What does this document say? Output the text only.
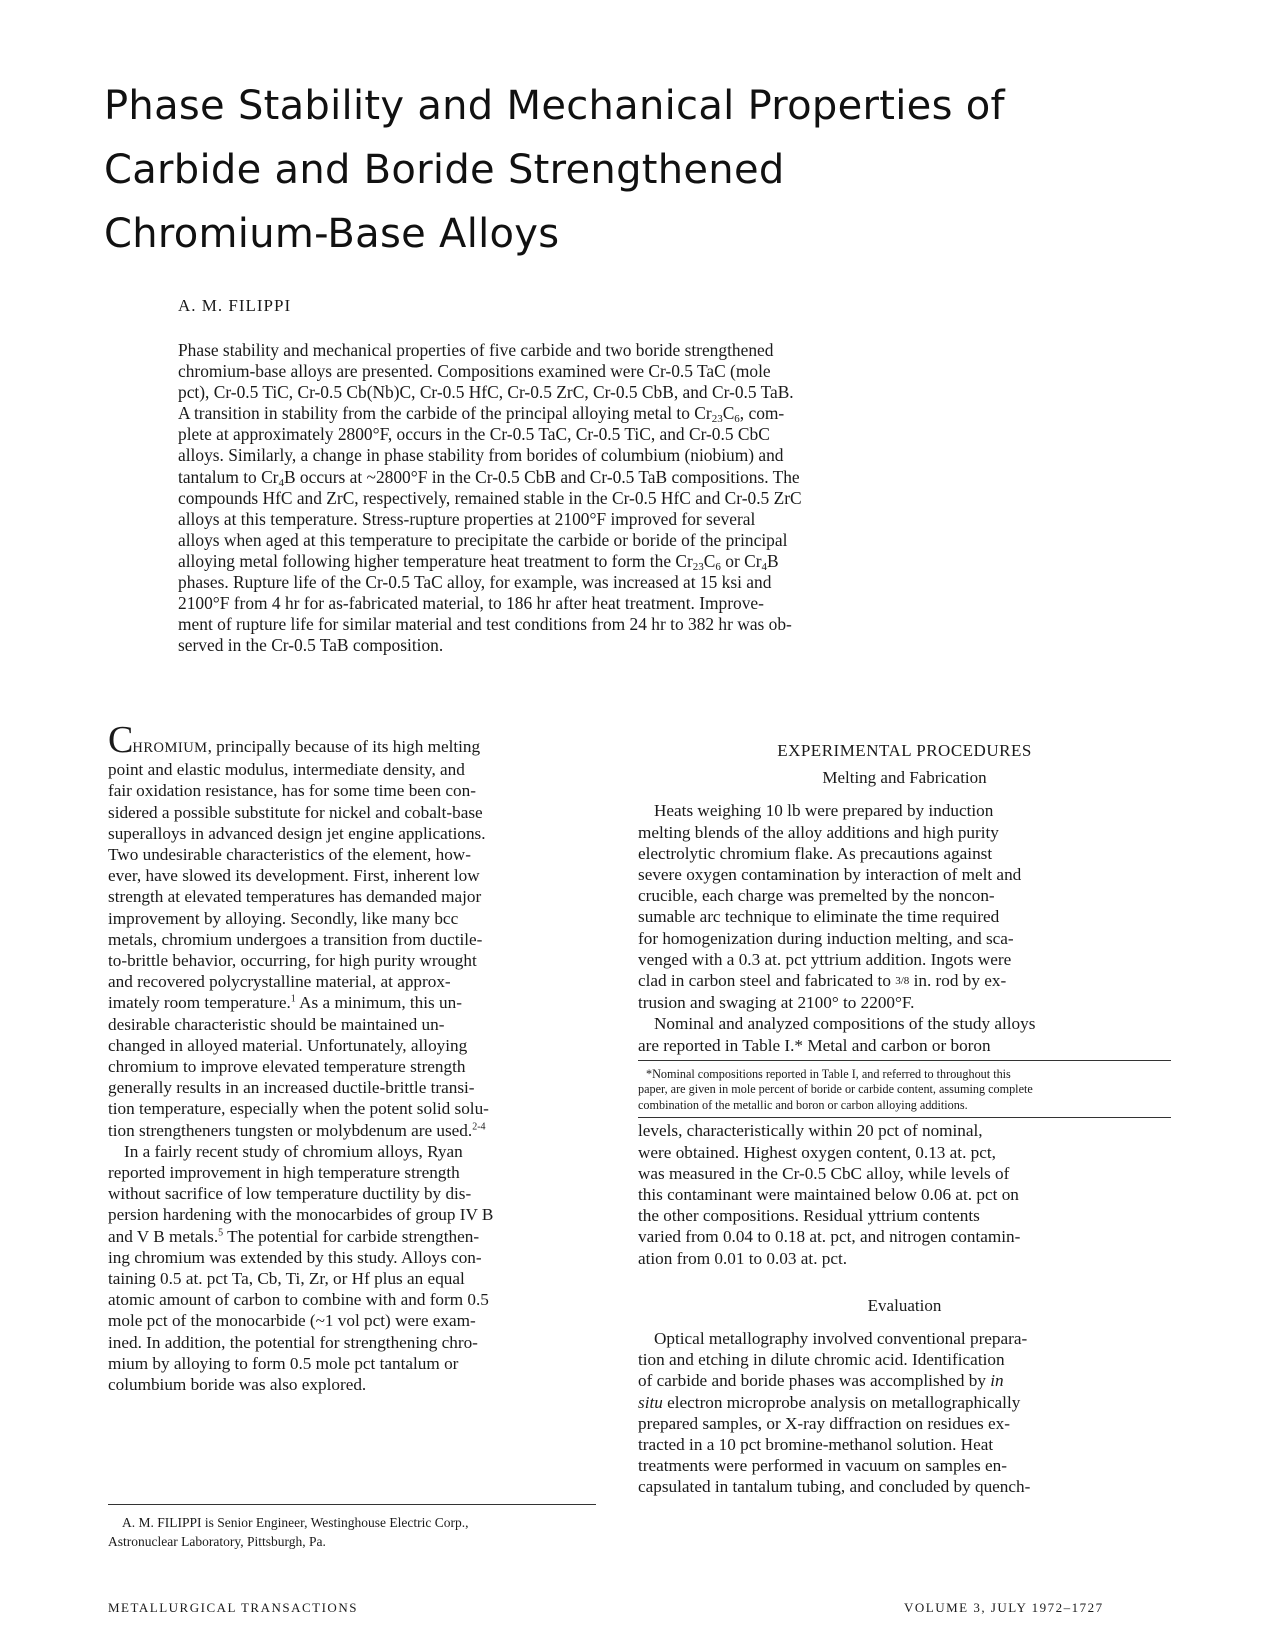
Phase Stability and Mechanical Properties of
Carbide and Boride Strengthened
Chromium-Base Alloys
A. M. FILIPPI
Phase stability and mechanical properties of five carbide and two boride strengthened
chromium-base alloys are presented. Compositions examined were Cr-0.5 TaC (mole
pct), Cr-0.5 TiC, Cr-0.5 Cb(Nb)C, Cr-0.5 HfC, Cr-0.5 ZrC, Cr-0.5 CbB, and Cr-0.5 TaB.
A transition in stability from the carbide of the principal alloying metal to $Cr_{23}C_6$, com-
plete at approximately 2800°F, occurs in the Cr-0.5 TaC, Cr-0.5 TiC, and Cr-0.5 CbC
alloys. Similarly, a change in phase stability from borides of columbium (niobium) and
tantalum to $Cr_4B$ occurs at ~2800°F in the Cr-0.5 CbB and Cr-0.5 TaB compositions. The
compounds HfC and ZrC, respectively, remained stable in the Cr-0.5 HfC and Cr-0.5 ZrC
alloys at this temperature. Stress-rupture properties at 2100°F improved for several
alloys when aged at this temperature to precipitate the carbide or boride of the principal
alloying metal following higher temperature heat treatment to form the $Cr_{23}C_6$ or $Cr_4B$
phases. Rupture life of the Cr-0.5 TaC alloy, for example, was increased at 15 ksi and
2100°F from 4 hr for as-fabricated material, to 186 hr after heat treatment. Improve-
ment of rupture life for similar material and test conditions from 24 hr to 382 hr was ob-
served in the Cr-0.5 TaB composition.
CHROMIUM, principally because of its high melting
point and elastic modulus, intermediate density, and
fair oxidation resistance, has for some time been con-
sidered a possible substitute for nickel and cobalt-base
superalloys in advanced design jet engine applications.
Two undesirable characteristics of the element, how-
ever, have slowed its development. First, inherent low
strength at elevated temperatures has demanded major
improvement by alloying. Secondly, like many bcc
metals, chromium undergoes a transition from ductile-
to-brittle behavior, occurring, for high purity wrought
and recovered polycrystalline material, at approx-
imately room temperature.$^1$ As a minimum, this un-
desirable characteristic should be maintained un-
changed in alloyed material. Unfortunately, alloying
chromium to improve elevated temperature strength
generally results in an increased ductile-brittle transi-
tion temperature, especially when the potent solid solu-
tion strengtheners tungsten or molybdenum are used.$^{2-4}$
In a fairly recent study of chromium alloys, Ryan
reported improvement in high temperature strength
without sacrifice of low temperature ductility by dis-
persion hardening with the monocarbides of group IV B
and V B metals.$^5$ The potential for carbide strengthen-
ing chromium was extended by this study. Alloys con-
taining 0.5 at. pct Ta, Cb, Ti, Zr, or Hf plus an equal
atomic amount of carbon to combine with and form 0.5
mole pct of the monocarbide (~1 vol pct) were exam-
ined. In addition, the potential for strengthening chro-
mium by alloying to form 0.5 mole pct tantalum or
columbium boride was also explored.
A. M. FILIPPI is Senior Engineer, Westinghouse Electric Corp.,
Astronuclear Laboratory, Pittsburgh, Pa.
EXPERIMENTAL PROCEDURES
Melting and Fabrication
Heats weighing 10 lb were prepared by induction
melting blends of the alloy additions and high purity
electrolytic chromium flake. As precautions against
severe oxygen contamination by interaction of melt and
crucible, each charge was premelted by the noncon-
sumable arc technique to eliminate the time required
for homogenization during induction melting, and sca-
venged with a 0.3 at. pct yttrium addition. Ingots were
clad in carbon steel and fabricated to 3/8 in. rod by ex-
trusion and swaging at 2100° to 2200°F.
Nominal and analyzed compositions of the study alloys
are reported in Table I.* Metal and carbon or boron
*Nominal compositions reported in Table I, and referred to throughout this
paper, are given in mole percent of boride or carbide content, assuming complete
combination of the metallic and boron or carbon alloying additions.
levels, characteristically within 20 pct of nominal,
were obtained. Highest oxygen content, 0.13 at. pct,
was measured in the Cr-0.5 CbC alloy, while levels of
this contaminant were maintained below 0.06 at. pct on
the other compositions. Residual yttrium contents
varied from 0.04 to 0.18 at. pct, and nitrogen contamin-
ation from 0.01 to 0.03 at. pct.
Evaluation
Optical metallography involved conventional prepara-
tion and etching in dilute chromic acid. Identification
of carbide and boride phases was accomplished by in
situ electron microprobe analysis on metallographically
prepared samples, or X-ray diffraction on residues ex-
tracted in a 10 pct bromine-methanol solution. Heat
treatments were performed in vacuum on samples en-
capsulated in tantalum tubing, and concluded by quench-
METALLURGICAL TRANSACTIONS	VOLUME 3, JULY 1972–1727
